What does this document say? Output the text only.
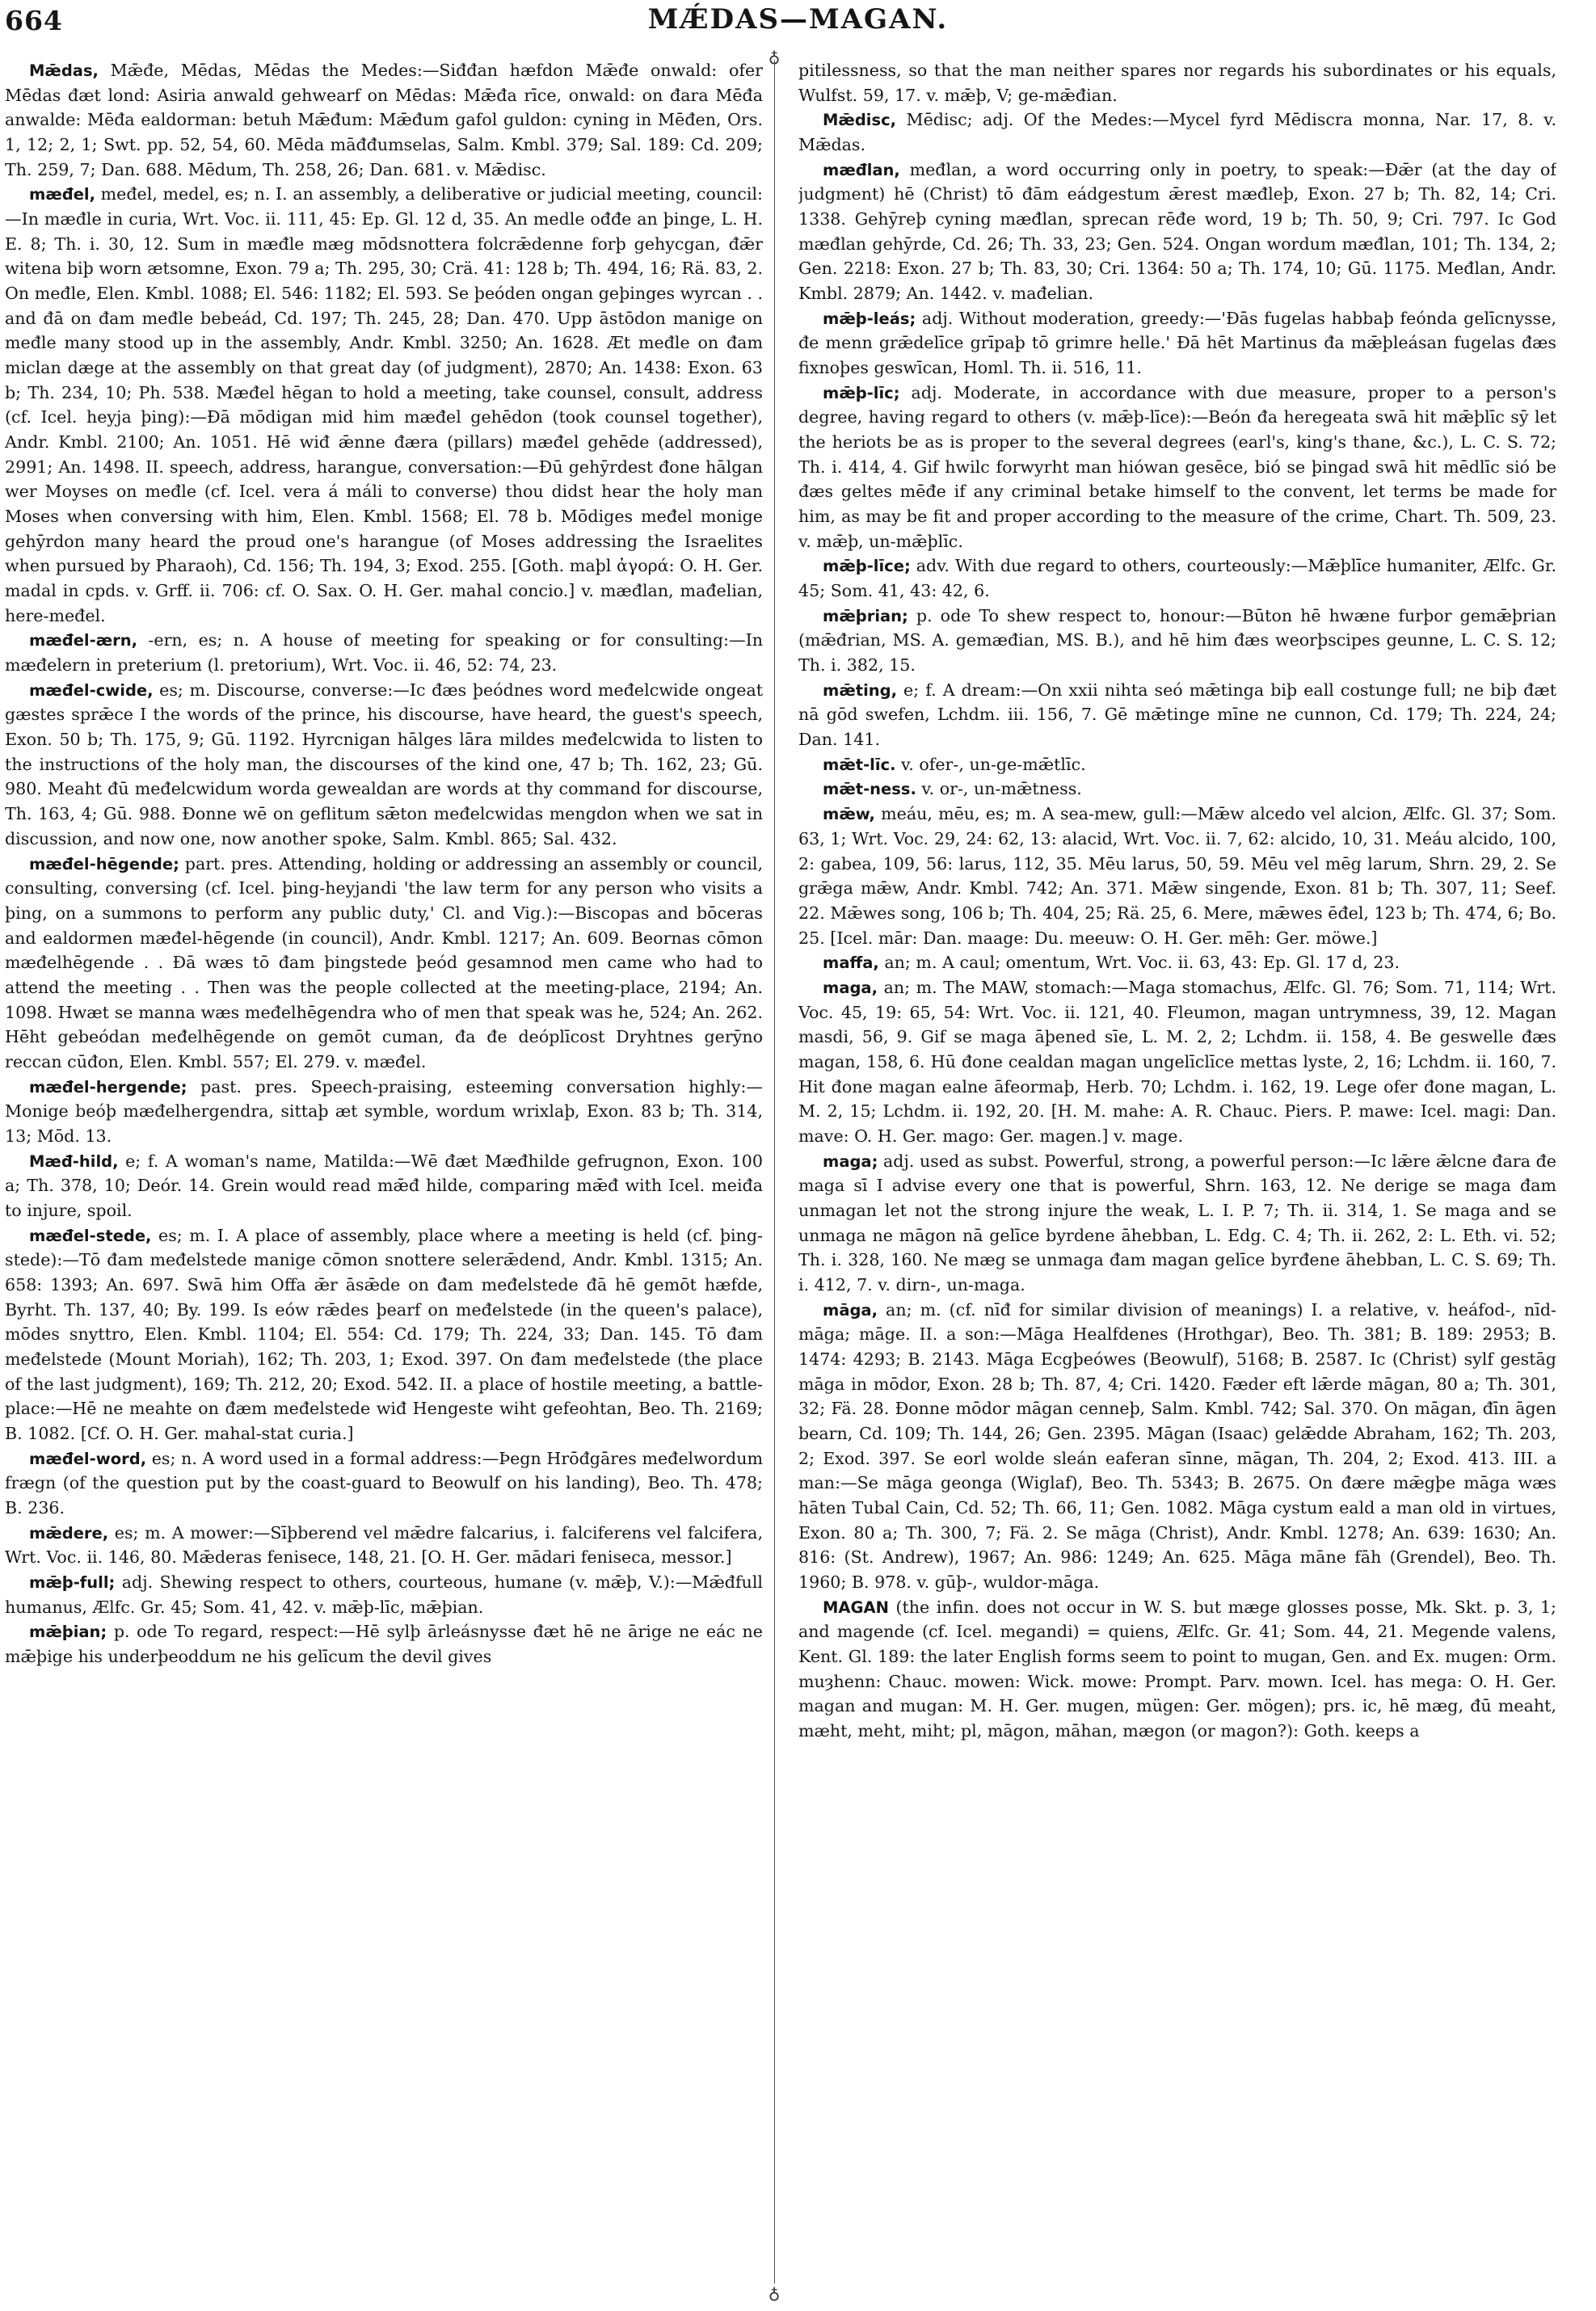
664	MǼDAS—MAGAN.
♁
♁

Mǣdas, Mǣđe, Mēdas, Mēdas the Medes:—Siđđan hæfdon Mǣđe onwald: ofer Mēdas đæt lond: Asiria anwald gehwearf on Mēdas: Mǣđa rīce, onwald: on đara Mēđa anwalde: Mēđa ealdorman: betuh Mǣđum: Mǣđum gafol guldon: cyning in Mēđen, Ors. 1, 12; 2, 1; Swt. pp. 52, 54, 60. Mēda māđđumselas, Salm. Kmbl. 379; Sal. 189: Cd. 209; Th. 259, 7; Dan. 688. Mēdum, Th. 258, 26; Dan. 681. v. Mǣdisc.

mæđel, međel, medel, es; n. I. an assembly, a deliberative or judicial meeting, council:—In mæđle in curia, Wrt. Voc. ii. 111, 45: Ep. Gl. 12 d, 35. An medle ođđe an þinge, L. H. E. 8; Th. i. 30, 12. Sum in mæđle mæg mōdsnottera folcrǣdenne forþ gehycgan, đǣr witena biþ worn ætsomne, Exon. 79 a; Th. 295, 30; Crä. 41: 128 b; Th. 494, 16; Rä. 83, 2. On međle, Elen. Kmbl. 1088; El. 546: 1182; El. 593. Se þeóden ongan geþinges wyrcan . . and đā on đam međle bebeád, Cd. 197; Th. 245, 28; Dan. 470. Upp āstōdon manige on međle many stood up in the assembly, Andr. Kmbl. 3250; An. 1628. Æt međle on đam miclan dæge at the assembly on that great day (of judgment), 2870; An. 1438: Exon. 63 b; Th. 234, 10; Ph. 538. Mæđel hēgan to hold a meeting, take counsel, consult, address (cf. Icel. heyja þing):—Đā mōdigan mid him mæđel gehēdon (took counsel together), Andr. Kmbl. 2100; An. 1051. Hē wiđ ǣnne đæra (pillars) mæđel gehēde (addressed), 2991; An. 1498. II. speech, address, harangue, conversation:—Đū gehȳrdest đone hālgan wer Moyses on međle (cf. Icel. vera á máli to converse) thou didst hear the holy man Moses when conversing with him, Elen. Kmbl. 1568; El. 78 b. Mōdiges međel monige gehȳrdon many heard the proud one's harangue (of Moses addressing the Israelites when pursued by Pharaoh), Cd. 156; Th. 194, 3; Exod. 255. [Goth. maþl ἀγορά: O. H. Ger. madal in cpds. v. Grff. ii. 706: cf. O. Sax. O. H. Ger. mahal concio.] v. mæđlan, mađelian, here-međel.

mæđel-ærn, -ern, es; n. A house of meeting for speaking or for consulting:—In mæđelern in preterium (l. pretorium), Wrt. Voc. ii. 46, 52: 74, 23.

mæđel-cwide, es; m. Discourse, converse:—Ic đæs þeódnes word međelcwide ongeat gæstes sprǣce I the words of the prince, his discourse, have heard, the guest's speech, Exon. 50 b; Th. 175, 9; Gū. 1192. Hyrcnigan hālges lāra mildes međelcwida to listen to the instructions of the holy man, the discourses of the kind one, 47 b; Th. 162, 23; Gū. 980. Meaht đū međelcwidum worda gewealdan are words at thy command for discourse, Th. 163, 4; Gū. 988. Đonne wē on geflitum sǣton međelcwidas mengdon when we sat in discussion, and now one, now another spoke, Salm. Kmbl. 865; Sal. 432.

mæđel-hēgende; part. pres. Attending, holding or addressing an assembly or council, consulting, conversing (cf. Icel. þing-heyjandi 'the law term for any person who visits a þing, on a summons to perform any public duty,' Cl. and Vig.):—Biscopas and bōceras and ealdormen mæđel-hēgende (in council), Andr. Kmbl. 1217; An. 609. Beornas cōmon mæđelhēgende . . Đā wæs tō đam þingstede þeód gesamnod men came who had to attend the meeting . . Then was the people collected at the meeting-place, 2194; An. 1098. Hwæt se manna wæs međelhēgendra who of men that speak was he, 524; An. 262. Hēht gebeódan međelhēgende on gemōt cuman, đa đe deóplīcost Dryhtnes gerȳno reccan cūđon, Elen. Kmbl. 557; El. 279. v. mæđel.

mæđel-hergende; past. pres. Speech-praising, esteeming conversation highly:—Monige beóþ mæđelhergendra, sittaþ æt symble, wordum wrixlaþ, Exon. 83 b; Th. 314, 13; Mōd. 13.

Mæđ-hild, e; f. A woman's name, Matilda:—Wē đæt Mæđhilde gefrugnon, Exon. 100 a; Th. 378, 10; Deór. 14. Grein would read mǣđ hilde, comparing mǣđ with Icel. meiđa to injure, spoil.

mæđel-stede, es; m. I. A place of assembly, place where a meeting is held (cf. þing-stede):—Tō đam međelstede manige cōmon snottere selerǣdend, Andr. Kmbl. 1315; An. 658: 1393; An. 697. Swā him Offa ǣr āsǣde on đam međelstede đā hē gemōt hæfde, Byrht. Th. 137, 40; By. 199. Is eów rǣdes þearf on međelstede (in the queen's palace), mōdes snyttro, Elen. Kmbl. 1104; El. 554: Cd. 179; Th. 224, 33; Dan. 145. Tō đam međelstede (Mount Moriah), 162; Th. 203, 1; Exod. 397. On đam međelstede (the place of the last judgment), 169; Th. 212, 20; Exod. 542. II. a place of hostile meeting, a battle-place:—Hē ne meahte on đæm međelstede wiđ Hengeste wiht gefeohtan, Beo. Th. 2169; B. 1082. [Cf. O. H. Ger. mahal-stat curia.]

mæđel-word, es; n. A word used in a formal address:—Þegn Hrōđgāres međelwordum frægn (of the question put by the coast-guard to Beowulf on his landing), Beo. Th. 478; B. 236.

mǣdere, es; m. A mower:—Sīþberend vel mǣdre falcarius, i. falciferens vel falcifera, Wrt. Voc. ii. 146, 80. Mǣderas fenisece, 148, 21. [O. H. Ger. mādari feniseca, messor.]

mǣþ-full; adj. Shewing respect to others, courteous, humane (v. mǣþ, V.):—Mǣđfull humanus, Ælfc. Gr. 45; Som. 41, 42. v. mǣþ-līc, mǣþian.

mǣþian; p. ode To regard, respect:—Hē sylþ ārleásnysse đæt hē ne ārige ne eác ne mǣþige his underþeoddum ne his gelīcum the devil gives

pitilessness, so that the man neither spares nor regards his subordinates or his equals, Wulfst. 59, 17. v. mǣþ, V; ge-mǣđian.

Mǣdisc, Mēdisc; adj. Of the Medes:—Mycel fyrd Mēdiscra monna, Nar. 17, 8. v. Mǣdas.

mæđlan, međlan, a word occurring only in poetry, to speak:—Đǣr (at the day of judgment) hē (Christ) tō đām eádgestum ǣrest mæđleþ, Exon. 27 b; Th. 82, 14; Cri. 1338. Gehȳreþ cyning mæđlan, sprecan rēđe word, 19 b; Th. 50, 9; Cri. 797. Ic God mæđlan gehȳrde, Cd. 26; Th. 33, 23; Gen. 524. Ongan wordum mæđlan, 101; Th. 134, 2; Gen. 2218: Exon. 27 b; Th. 83, 30; Cri. 1364: 50 a; Th. 174, 10; Gū. 1175. Međlan, Andr. Kmbl. 2879; An. 1442. v. mađelian.

mǣþ-leás; adj. Without moderation, greedy:—'Đās fugelas habbaþ feónda gelīcnysse, đe menn grǣdelīce grīpaþ tō grimre helle.' Đā hēt Martinus đa mǣþleásan fugelas đæs fixnoþes geswīcan, Homl. Th. ii. 516, 11.

mǣþ-līc; adj. Moderate, in accordance with due measure, proper to a person's degree, having regard to others (v. mǣþ-līce):—Beón đa heregeata swā hit mǣþlīc sȳ let the heriots be as is proper to the several degrees (earl's, king's thane, &c.), L. C. S. 72; Th. i. 414, 4. Gif hwilc forwyrht man hiówan gesēce, bió se þingad swā hit mēdlīc sió be đæs geltes mēđe if any criminal betake himself to the convent, let terms be made for him, as may be fit and proper according to the measure of the crime, Chart. Th. 509, 23. v. mǣþ, un-mǣþlīc.

mǣþ-līce; adv. With due regard to others, courteously:—Mǣþlīce humaniter, Ælfc. Gr. 45; Som. 41, 43: 42, 6.

mǣþrian; p. ode To shew respect to, honour:—Būton hē hwæne furþor gemǣþrian (mǣđrian, MS. A. gemæđian, MS. B.), and hē him đæs weorþscipes geunne, L. C. S. 12; Th. i. 382, 15.

mǣting, e; f. A dream:—On xxii nihta seó mǣtinga biþ eall costunge full; ne biþ đæt nā gōd swefen, Lchdm. iii. 156, 7. Gē mǣtinge mīne ne cunnon, Cd. 179; Th. 224, 24; Dan. 141.

mǣt-līc. v. ofer-, un-ge-mǣtlīc.

mǣt-ness. v. or-, un-mǣtness.

mǣw, meáu, mēu, es; m. A sea-mew, gull:—Mǣw alcedo vel alcion, Ælfc. Gl. 37; Som. 63, 1; Wrt. Voc. 29, 24: 62, 13: alacid, Wrt. Voc. ii. 7, 62: alcido, 10, 31. Meáu alcido, 100, 2: gabea, 109, 56: larus, 112, 35. Mēu larus, 50, 59. Mēu vel mēg larum, Shrn. 29, 2. Se grǣga mǣw, Andr. Kmbl. 742; An. 371. Mǣw singende, Exon. 81 b; Th. 307, 11; Seef. 22. Mǣwes song, 106 b; Th. 404, 25; Rä. 25, 6. Mere, mǣwes ēđel, 123 b; Th. 474, 6; Bo. 25. [Icel. mār: Dan. maage: Du. meeuw: O. H. Ger. mēh: Ger. möwe.]

maffa, an; m. A caul; omentum, Wrt. Voc. ii. 63, 43: Ep. Gl. 17 d, 23.

maga, an; m. The MAW, stomach:—Maga stomachus, Ælfc. Gl. 76; Som. 71, 114; Wrt. Voc. 45, 19: 65, 54: Wrt. Voc. ii. 121, 40. Fleumon, magan untrymness, 39, 12. Magan masdi, 56, 9. Gif se maga āþened sīe, L. M. 2, 2; Lchdm. ii. 158, 4. Be geswelle đæs magan, 158, 6. Hū đone cealdan magan ungelīclīce mettas lyste, 2, 16; Lchdm. ii. 160, 7. Hit đone magan ealne āfeormaþ, Herb. 70; Lchdm. i. 162, 19. Lege ofer đone magan, L. M. 2, 15; Lchdm. ii. 192, 20. [H. M. mahe: A. R. Chauc. Piers. P. mawe: Icel. magi: Dan. mave: O. H. Ger. mago: Ger. magen.] v. mage.

maga; adj. used as subst. Powerful, strong, a powerful person:—Ic lǣre ǣlcne đara đe maga sī I advise every one that is powerful, Shrn. 163, 12. Ne derige se maga đam unmagan let not the strong injure the weak, L. I. P. 7; Th. ii. 314, 1. Se maga and se unmaga ne māgon nā gelīce byrdene āhebban, L. Edg. C. 4; Th. ii. 262, 2: L. Eth. vi. 52; Th. i. 328, 160. Ne mæg se unmaga đam magan gelīce byrđene āhebban, L. C. S. 69; Th. i. 412, 7. v. dirn-, un-maga.

māga, an; m. (cf. nīđ for similar division of meanings) I. a relative, v. heáfod-, nīd-māga; māge. II. a son:—Māga Healfdenes (Hrothgar), Beo. Th. 381; B. 189: 2953; B. 1474: 4293; B. 2143. Māga Ecgþeówes (Beowulf), 5168; B. 2587. Ic (Christ) sylf gestāg māga in mōdor, Exon. 28 b; Th. 87, 4; Cri. 1420. Fæder eft lǣrde māgan, 80 a; Th. 301, 32; Fä. 28. Đonne mōdor māgan cenneþ, Salm. Kmbl. 742; Sal. 370. On māgan, đīn āgen bearn, Cd. 109; Th. 144, 26; Gen. 2395. Māgan (Isaac) gelǣdde Abraham, 162; Th. 203, 2; Exod. 397. Se eorl wolde sleán eaferan sīnne, māgan, Th. 204, 2; Exod. 413. III. a man:—Se māga geonga (Wiglaf), Beo. Th. 5343; B. 2675. On đære mǣgþe māga wæs hāten Tubal Cain, Cd. 52; Th. 66, 11; Gen. 1082. Māga cystum eald a man old in virtues, Exon. 80 a; Th. 300, 7; Fä. 2. Se māga (Christ), Andr. Kmbl. 1278; An. 639: 1630; An. 816: (St. Andrew), 1967; An. 986: 1249; An. 625. Māga māne fāh (Grendel), Beo. Th. 1960; B. 978. v. gūþ-, wuldor-māga.

MAGAN (the infin. does not occur in W. S. but mæge glosses posse, Mk. Skt. p. 3, 1; and magende (cf. Icel. megandi) = quiens, Ælfc. Gr. 41; Som. 44, 21. Megende valens, Kent. Gl. 189: the later English forms seem to point to mugan, Gen. and Ex. mugen: Orm. muȝhenn: Chauc. mowen: Wick. mowe: Prompt. Parv. mown. Icel. has mega: O. H. Ger. magan and mugan: M. H. Ger. mugen, mügen: Ger. mögen); prs. ic, hē mæg, đū meaht, mæht, meht, miht; pl, māgon, māhan, mægon (or magon?): Goth. keeps a
